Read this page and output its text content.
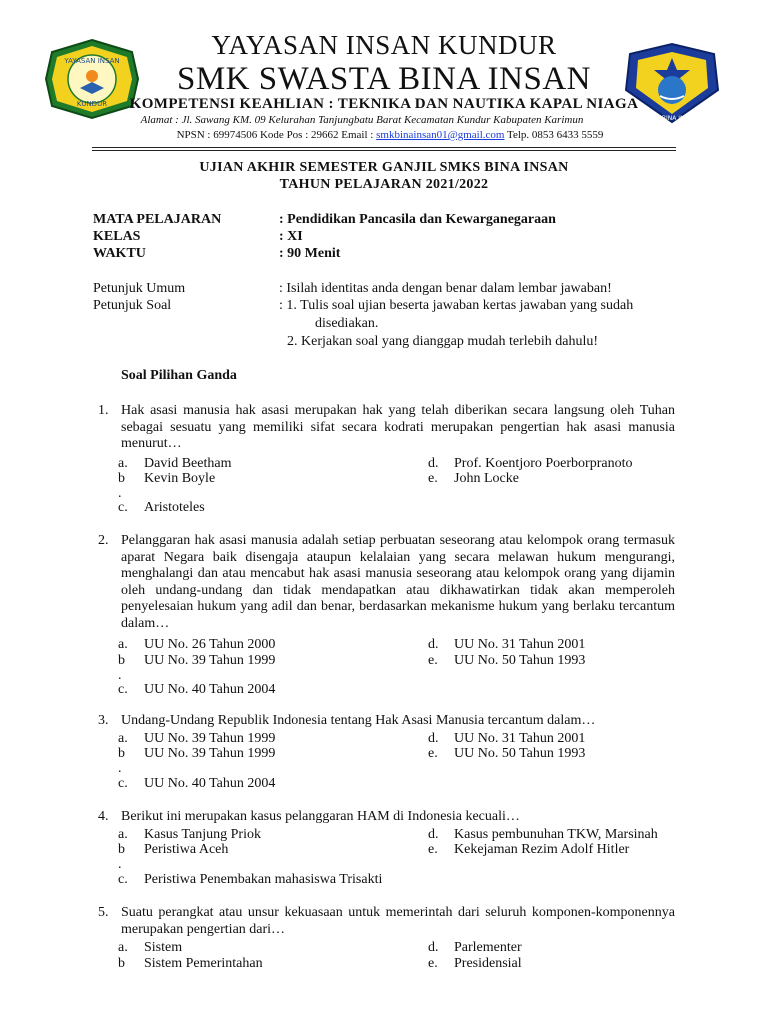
YAYASAN INSAN
KUNDUR
SMK BINA INSAN
YAYASAN INSAN KUNDUR
SMK SWASTA BINA INSAN
KOMPETENSI KEAHLIAN : TEKNIKA DAN NAUTIKA KAPAL NIAGA
Alamat : Jl. Sawang KM. 09 Kelurahan Tanjungbatu Barat Kecamatan Kundur Kabupaten Karimun
NPSN : 69974506 Kode Pos : 29662 Email : smkbinainsan01@gmail.com Telp. 0853 6433 5559
UJIAN AKHIR SEMESTER GANJIL SMKS BINA INSAN
TAHUN PELAJARAN 2021/2022
MATA PELAJARAN	: Pendidikan Pancasila dan Kewarganegaraan
KELAS	: XI
WAKTU	: 90 Menit
Petunjuk Umum	: Isilah identitas anda dengan benar dalam lembar jawaban!
Petunjuk Soal	: 1. Tulis soal ujian beserta jawaban kertas jawaban yang sudah
disediakan.
2. Kerjakan soal yang dianggap mudah terlebih dahulu!
Soal Pilihan Ganda
1. Hak asasi manusia hak asasi merupakan hak yang telah diberikan secara langsung oleh Tuhan sebagai sesuatu yang memiliki sifat secara kodrati merupakan pengertian hak asasi manusia menurut…
a. David Beetham
b Kevin Boyle
.
c. Aristoteles
d. Prof. Koentjoro Poerborpranoto
e. John Locke
2. Pelanggaran hak asasi manusia adalah setiap perbuatan seseorang atau kelompok orang termasuk aparat Negara baik disengaja ataupun kelalaian yang secara melawan hukum mengurangi, menghalangi dan atau mencabut hak asasi manusia seseorang atau kelompok orang yang dijamin oleh undang-undang dan tidak mendapatkan atau dikhawatirkan tidak akan memperoleh penyelesaian hukum yang adil dan benar, berdasarkan mekanisme hukum yang berlaku tercantum dalam…
a. UU No. 26 Tahun 2000
b UU No. 39 Tahun 1999
.
c. UU No. 40 Tahun 2004
d. UU No. 31 Tahun 2001
e. UU No. 50 Tahun 1993
3. Undang-Undang Republik Indonesia tentang Hak Asasi Manusia tercantum dalam…
a. UU No. 39 Tahun 1999
b UU No. 39 Tahun 1999
.
c. UU No. 40 Tahun 2004
d. UU No. 31 Tahun 2001
e. UU No. 50 Tahun 1993
4. Berikut ini merupakan kasus pelanggaran HAM di Indonesia kecuali…
a. Kasus Tanjung Priok
b Peristiwa Aceh
.
c. Peristiwa Penembakan mahasiswa Trisakti
d. Kasus pembunuhan TKW, Marsinah
e. Kekejaman Rezim Adolf Hitler
5. Suatu perangkat atau unsur kekuasaan untuk memerintah dari seluruh komponen-komponennya merupakan pengertian dari…
a. Sistem
b Sistem Pemerintahan
d. Parlementer
e. Presidensial
